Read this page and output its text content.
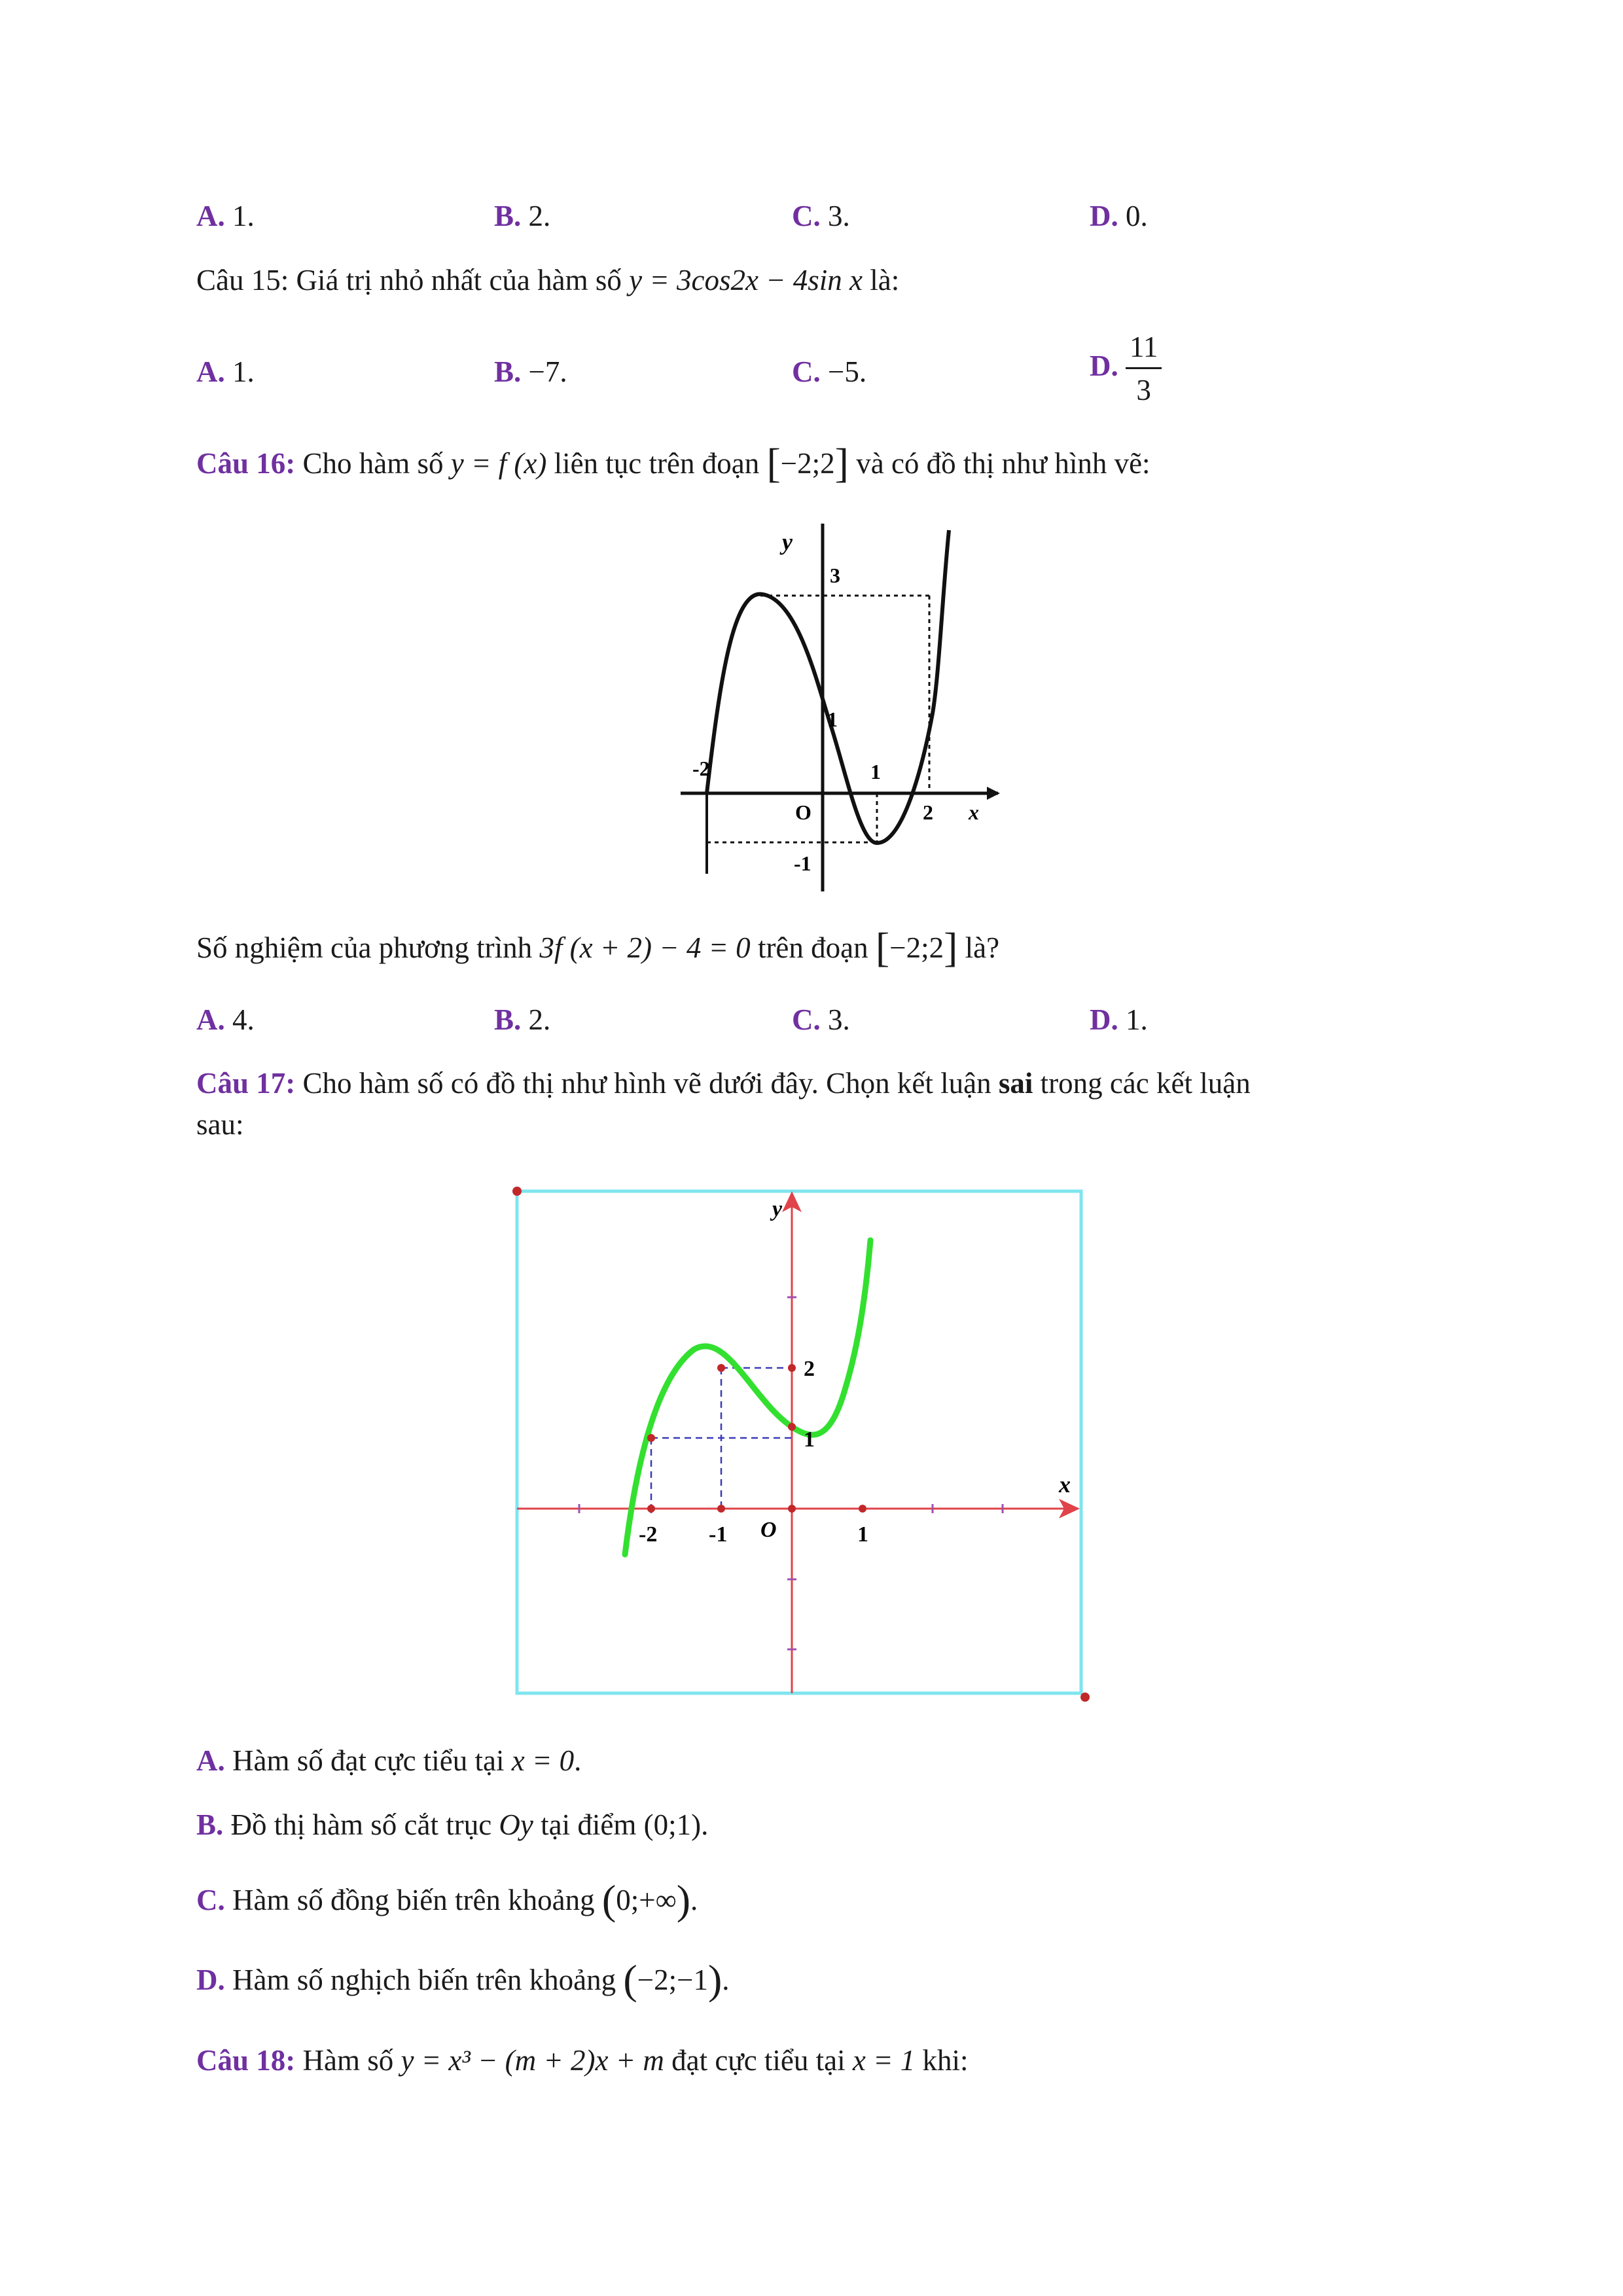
A. 1.	B. 2.	C. 3.	D. 0.
Câu 15: Giá trị nhỏ nhất của hàm số y = 3cos2x − 4sin x là:
A. 1.	B. −7.	C. −5.	D. $\frac{11}{3}$
Câu 16: Cho hàm số y = f (x) liên tục trên đoạn [−2;2] và có đồ thị như hình vẽ:
y
3
1
-2
O
1
2 x
-1
Số nghiệm của phương trình 3f (x + 2) − 4 = 0 trên đoạn [−2;2] là?
A. 4.	B. 2.	C. 3.	D. 1.
Câu 17: Cho hàm số có đồ thị như hình vẽ dưới đây. Chọn kết luận sai trong các kết luận
sau:
y
x
2
1
-2 -1 O	1
A. Hàm số đạt cực tiểu tại x = 0.
B. Đồ thị hàm số cắt trục Oy tại điểm (0;1).
C. Hàm số đồng biến trên khoảng (0;+∞).
D. Hàm số nghịch biến trên khoảng (−2;−1).
Câu 18: Hàm số y = x³ − (m + 2)x + m đạt cực tiểu tại x = 1 khi:
